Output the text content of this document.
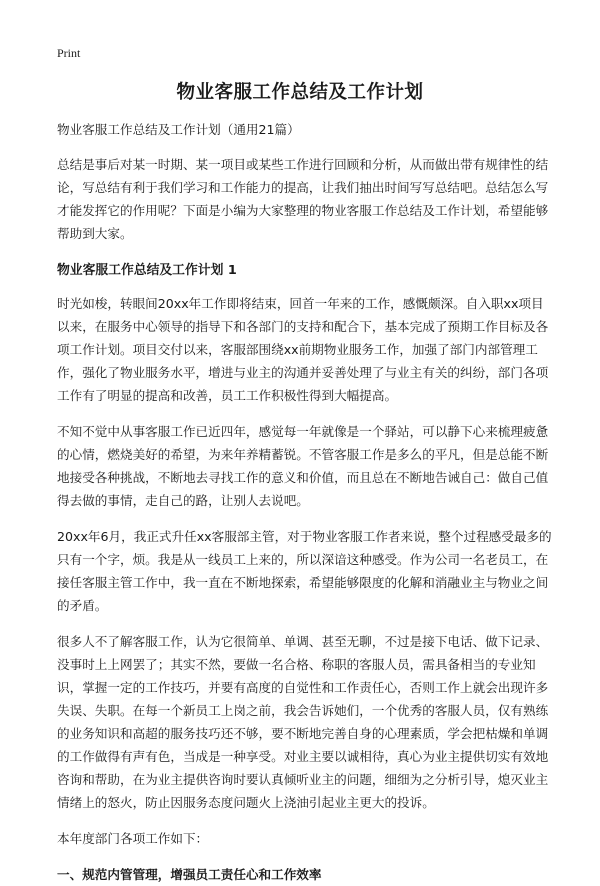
Print
物业客服工作总结及工作计划

物业客服工作总结及工作计划（通用21篇）

总结是事后对某一时期、某一项目或某些工作进行回顾和分析，从而做出带有规律性的结论，写总结有利于我们学习和工作能力的提高，让我们抽出时间写写总结吧。总结怎么写才能发挥它的作用呢？下面是小编为大家整理的物业客服工作总结及工作计划，希望能够帮助到大家。

物业客服工作总结及工作计划 1

时光如梭，转眼间20xx年工作即将结束，回首一年来的工作，感慨颇深。自入职xx项目以来，在服务中心领导的指导下和各部门的支持和配合下，基本完成了预期工作目标及各项工作计划。项目交付以来，客服部围绕xx前期物业服务工作，加强了部门内部管理工作，强化了物业服务水平，增进与业主的沟通并妥善处理了与业主有关的纠纷，部门各项工作有了明显的提高和改善，员工工作积极性得到大幅提高。

不知不觉中从事客服工作已近四年，感觉每一年就像是一个驿站，可以静下心来梳理疲惫的心情，燃烧美好的希望，为来年养精蓄锐。不管客服工作是多么的平凡，但是总能不断地接受各种挑战，不断地去寻找工作的意义和价值，而且总在不断地告诫自己：做自己值得去做的事情，走自己的路，让别人去说吧。

20xx年6月，我正式升任xx客服部主管，对于物业客服工作者来说，整个过程感受最多的只有一个字，烦。我是从一线员工上来的，所以深谙这种感受。作为公司一名老员工，在接任客服主管工作中，我一直在不断地探索，希望能够限度的化解和消融业主与物业之间的矛盾。

很多人不了解客服工作，认为它很简单、单调、甚至无聊，不过是接下电话、做下记录、没事时上上网罢了；其实不然，要做一名合格、称职的客服人员，需具备相当的专业知识，掌握一定的工作技巧，并要有高度的自觉性和工作责任心，否则工作上就会出现许多失误、失职。在每一个新员工上岗之前，我会告诉她们，一个优秀的客服人员，仅有熟练的业务知识和高超的服务技巧还不够，要不断地完善自身的心理素质，学会把枯燥和单调的工作做得有声有色，当成是一种享受。对业主要以诚相待，真心为业主提供切实有效地咨询和帮助，在为业主提供咨询时要认真倾听业主的问题，细细为之分析引导，熄灭业主情绪上的怒火，防止因服务态度问题火上浇油引起业主更大的投诉。

本年度部门各项工作如下：

一、规范内管管理，增强员工责任心和工作效率
